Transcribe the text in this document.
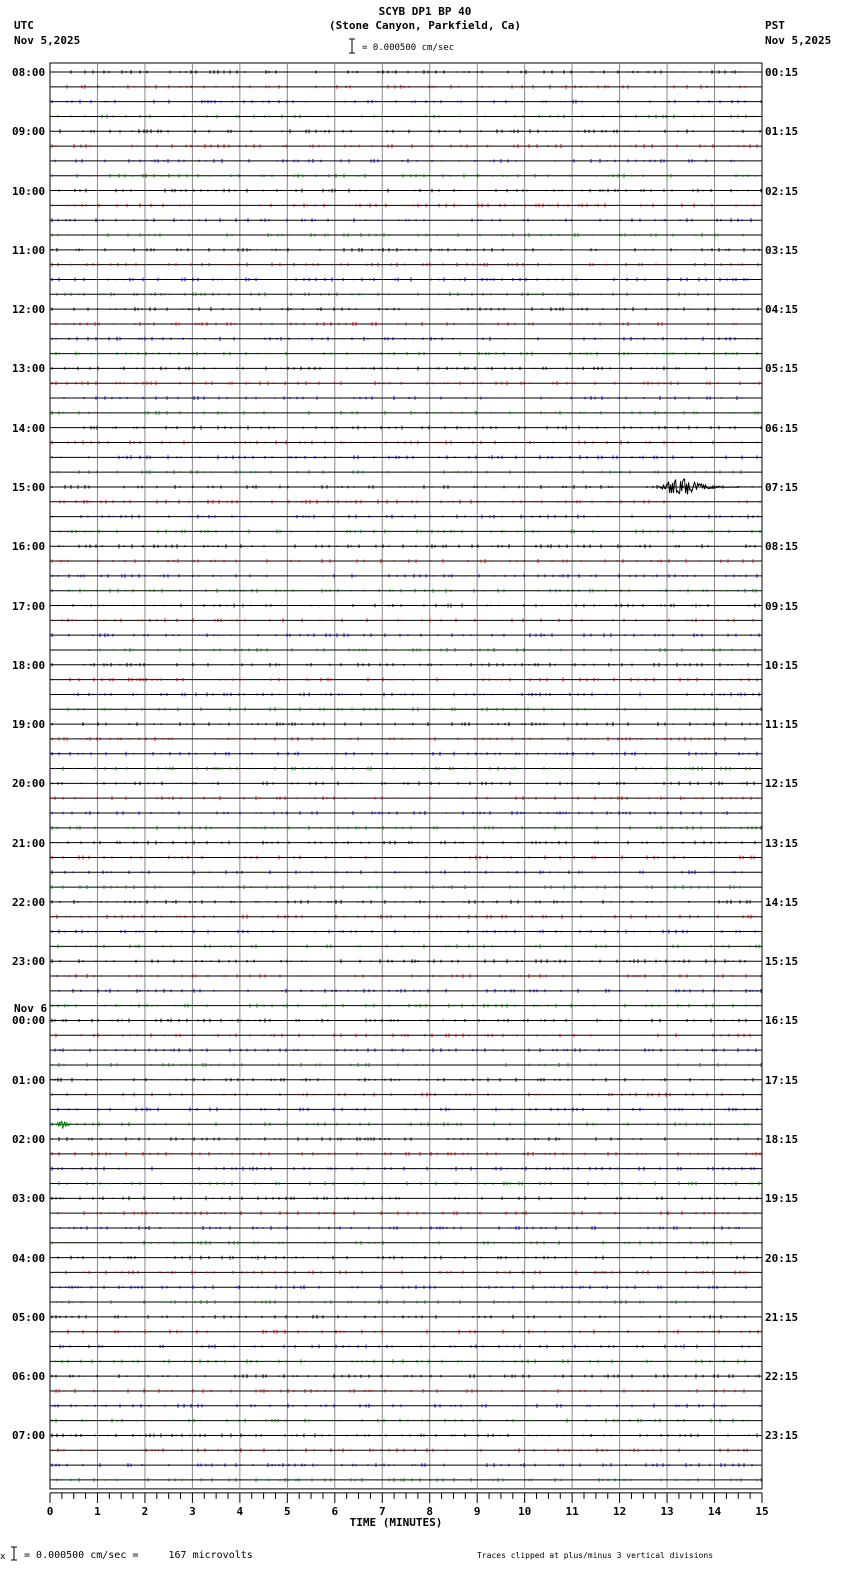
SCYB DP1 BP 40
(Stone Canyon, Parkfield, Ca)
UTC
Nov 5,2025
PST
Nov 5,2025
= 0.000500 cm/sec
0	1	2	3	4	5	6	7	8	9	10	11	12	13	14	15
TIME (MINUTES)
08:00
09:00
10:00
11:00
12:00
13:00
14:00
15:00
16:00
17:00
18:00
19:00
20:00
21:00
22:00
23:00
00:00
01:00
02:00
03:00
04:00
05:00
06:00
07:00
00:15
01:15
02:15
03:15
04:15
05:15
06:15
07:15
08:15
09:15
10:15
11:15
12:15
13:15
14:15
15:15
16:15
17:15
18:15
19:15
20:15
21:15
22:15
23:15
Nov 6
x = 0.000500 cm/sec =     167 microvolts	Traces clipped at plus/minus 3 vertical divisions
